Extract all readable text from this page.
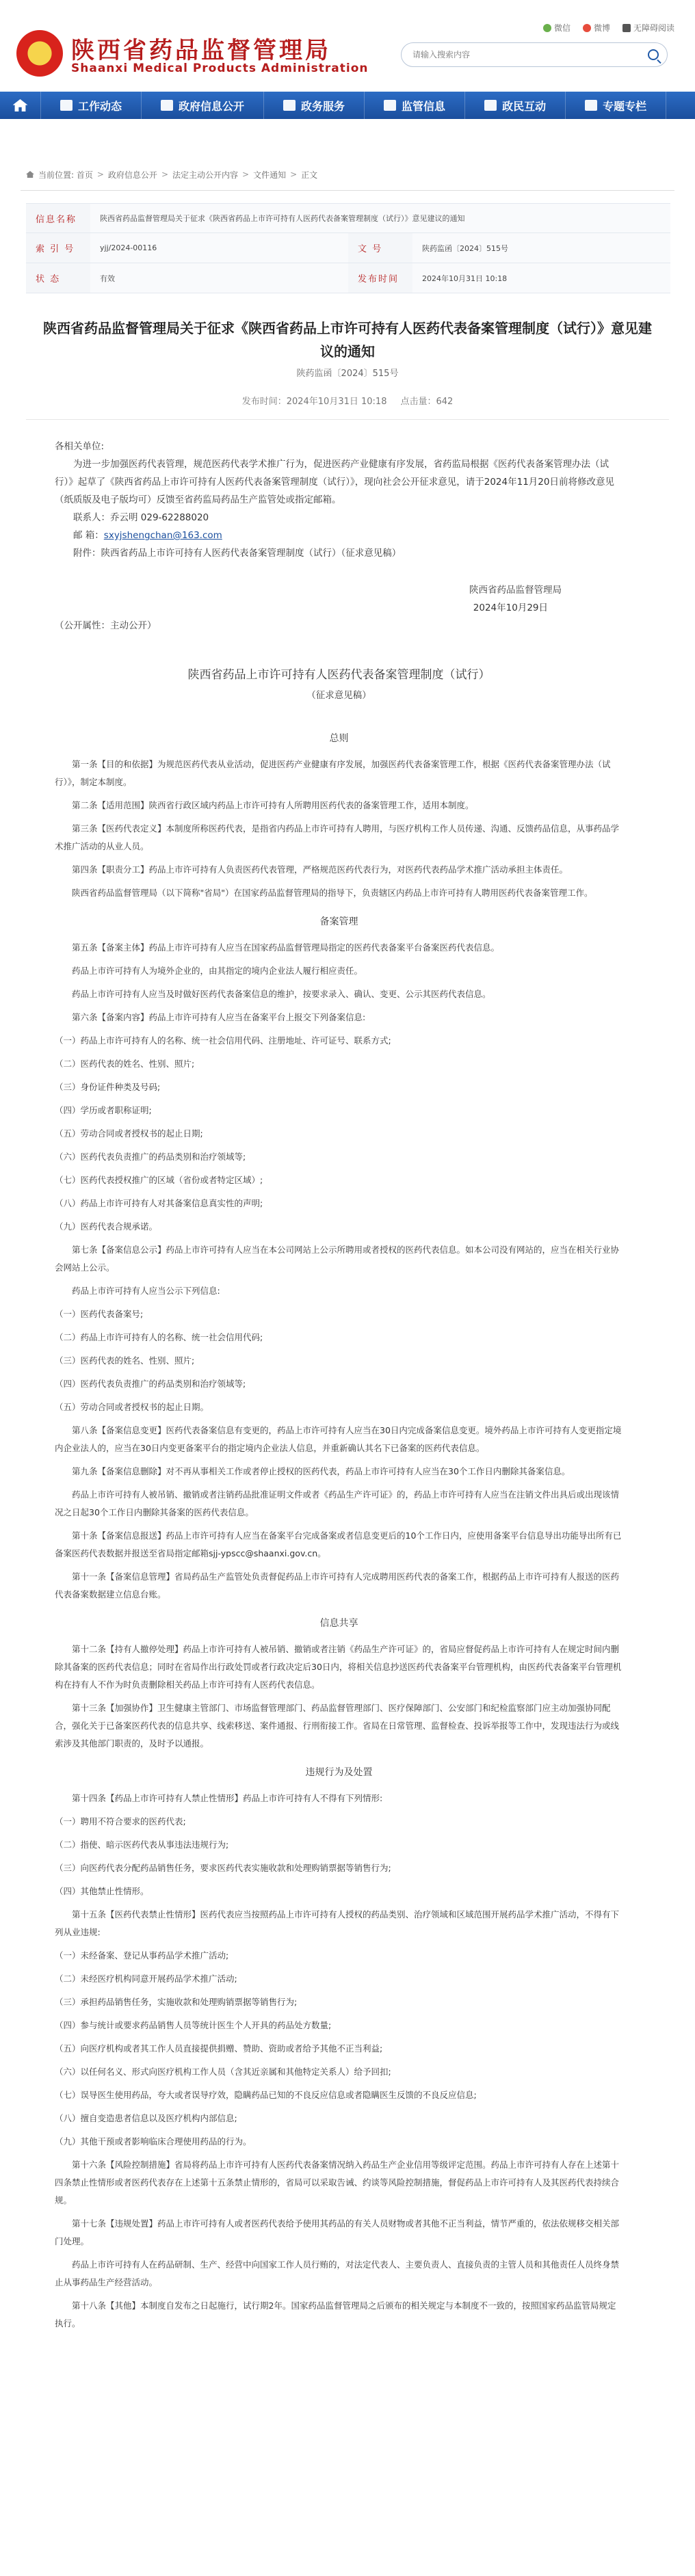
陕西省药品监督管理局
Shaanxi Medical Products Administration
微信	微博	无障碍阅读
请输入搜索内容
工作动态	政府信息公开	政务服务	监管信息	政民互动	专题专栏
当前位置: 首页 > 政府信息公开 > 法定主动公开内容 > 文件通知 > 正文
信息名称	陕西省药品监督管理局关于征求《陕西省药品上市许可持有人医药代表备案管理制度（试行）》意见建议的通知
索 引 号	yjj/2024-00116	文 号	陕药监函〔2024〕515号
状 态	有效	发布时间	2024年10月31日 10:18
陕西省药品监督管理局关于征求《陕西省药品上市许可持有人医药代表备案管理制度（试行）》意见建议的通知
陕药监函〔2024〕515号
发布时间：2024年10月31日 10:18 点击量：642
各相关单位:
为进一步加强医药代表管理，规范医药代表学术推广行为，促进医药产业健康有序发展，省药监局根据《医药代表备案管理办法（试行）》起草了《陕西省药品上市许可持有人医药代表备案管理制度（试行）》，现向社会公开征求意见，请于2024年11月20日前将修改意见（纸质版及电子版均可）反馈至省药监局药品生产监管处或指定邮箱。
联系人：乔云明 029-62288020
邮 箱：sxyjshengchan@163.com
附件：陕西省药品上市许可持有人医药代表备案管理制度（试行）（征求意见稿）
陕西省药品监督管理局
2024年10月29日
（公开属性：主动公开）
陕西省药品上市许可持有人医药代表备案管理制度（试行）
（征求意见稿）
总则
第一条【目的和依据】为规范医药代表从业活动，促进医药产业健康有序发展，加强医药代表备案管理工作，根据《医药代表备案管理办法（试行）》，制定本制度。
第二条【适用范围】陕西省行政区域内药品上市许可持有人所聘用医药代表的备案管理工作，适用本制度。
第三条【医药代表定义】本制度所称医药代表，是指省内药品上市许可持有人聘用，与医疗机构工作人员传递、沟通、反馈药品信息，从事药品学术推广活动的从业人员。
第四条【职责分工】药品上市许可持有人负责医药代表管理，严格规范医药代表行为，对医药代表药品学术推广活动承担主体责任。
陕西省药品监督管理局（以下简称"省局"）在国家药品监督管理局的指导下，负责辖区内药品上市许可持有人聘用医药代表备案管理工作。
备案管理
第五条【备案主体】药品上市许可持有人应当在国家药品监督管理局指定的医药代表备案平台备案医药代表信息。
药品上市许可持有人为境外企业的，由其指定的境内企业法人履行相应责任。
药品上市许可持有人应当及时做好医药代表备案信息的维护，按要求录入、确认、变更、公示其医药代表信息。
第六条【备案内容】药品上市许可持有人应当在备案平台上报交下列备案信息:
（一）药品上市许可持有人的名称、统一社会信用代码、注册地址、许可证号、联系方式;
（二）医药代表的姓名、性别、照片;
（三）身份证件种类及号码;
（四）学历或者职称证明;
（五）劳动合同或者授权书的起止日期;
（六）医药代表负责推广的药品类别和治疗领域等;
（七）医药代表授权推广的区域（省份或者特定区域）;
（八）药品上市许可持有人对其备案信息真实性的声明;
（九）医药代表合规承诺。
第七条【备案信息公示】药品上市许可持有人应当在本公司网站上公示所聘用或者授权的医药代表信息。如本公司没有网站的，应当在相关行业协会网站上公示。
药品上市许可持有人应当公示下列信息:
（一）医药代表备案号;
（二）药品上市许可持有人的名称、统一社会信用代码;
（三）医药代表的姓名、性别、照片;
（四）医药代表负责推广的药品类别和治疗领域等;
（五）劳动合同或者授权书的起止日期。
第八条【备案信息变更】医药代表备案信息有变更的，药品上市许可持有人应当在30日内完成备案信息变更。境外药品上市许可持有人变更指定境内企业法人的，应当在30日内变更备案平台的指定境内企业法人信息，并重新确认其名下已备案的医药代表信息。
第九条【备案信息删除】对不再从事相关工作或者停止授权的医药代表，药品上市许可持有人应当在30个工作日内删除其备案信息。
药品上市许可持有人被吊销、撤销或者注销药品批准证明文件或者《药品生产许可证》的，药品上市许可持有人应当在注销文件出具后或出现该情况之日起30个工作日内删除其备案的医药代表信息。
第十条【备案信息报送】药品上市许可持有人应当在备案平台完成备案或者信息变更后的10个工作日内，应使用备案平台信息导出功能导出所有已备案医药代表数据并报送至省局指定邮箱sjj-ypscc@shaanxi.gov.cn。
第十一条【备案信息管理】省局药品生产监管处负责督促药品上市许可持有人完成聘用医药代表的备案工作，根据药品上市许可持有人报送的医药代表备案数据建立信息台账。
信息共享
第十二条【持有人撤停处理】药品上市许可持有人被吊销、撤销或者注销《药品生产许可证》的，省局应督促药品上市许可持有人在规定时间内删除其备案的医药代表信息；同时在省局作出行政处罚或者行政决定后30日内，将相关信息抄送医药代表备案平台管理机构，由医药代表备案平台管理机构在持有人不作为时负责删除相关药品上市许可持有人医药代表信息。
第十三条【加强协作】卫生健康主管部门、市场监督管理部门、药品监督管理部门、医疗保障部门、公安部门和纪检监察部门应主动加强协同配合，强化关于已备案医药代表的信息共享、线索移送、案件通报、行刑衔接工作。省局在日常管理、监督检查、投诉举报等工作中，发现违法行为或线索涉及其他部门职责的，及时予以通报。
违规行为及处置
第十四条【药品上市许可持有人禁止性情形】药品上市许可持有人不得有下列情形:
（一）聘用不符合要求的医药代表;
（二）指使、暗示医药代表从事违法违规行为;
（三）向医药代表分配药品销售任务，要求医药代表实施收款和处理购销票据等销售行为;
（四）其他禁止性情形。
第十五条【医药代表禁止性情形】医药代表应当按照药品上市许可持有人授权的药品类别、治疗领域和区域范围开展药品学术推广活动，不得有下列从业违规:
（一）未经备案、登记从事药品学术推广活动;
（二）未经医疗机构同意开展药品学术推广活动;
（三）承担药品销售任务，实施收款和处理购销票据等销售行为;
（四）参与统计或要求药品销售人员等统计医生个人开具的药品处方数量;
（五）向医疗机构或者其工作人员直接提供捐赠、赞助、资助或者给予其他不正当利益;
（六）以任何名义、形式向医疗机构工作人员（含其近亲属和其他特定关系人）给予回扣;
（七）误导医生使用药品，夸大或者误导疗效，隐瞒药品已知的不良反应信息或者隐瞒医生反馈的不良反应信息;
（八）擅自变造患者信息以及医疗机构内部信息;
（九）其他干预或者影响临床合理使用药品的行为。
第十六条【风险控制措施】省局将药品上市许可持有人医药代表备案情况纳入药品生产企业信用等级评定范围。药品上市许可持有人存在上述第十四条禁止性情形或者医药代表存在上述第十五条禁止情形的，省局可以采取告诫、约谈等风险控制措施，督促药品上市许可持有人及其医药代表持续合规。
第十七条【违规处置】药品上市许可持有人或者医药代表给予使用其药品的有关人员财物或者其他不正当利益，情节严重的，依法依规移交相关部门处理。
药品上市许可持有人在药品研制、生产、经营中向国家工作人员行贿的，对法定代表人、主要负责人、直接负责的主管人员和其他责任人员终身禁止从事药品生产经营活动。
第十八条【其他】本制度自发布之日起施行，试行期2年。国家药品监督管理局之后颁布的相关规定与本制度不一致的，按照国家药品监管局规定执行。
